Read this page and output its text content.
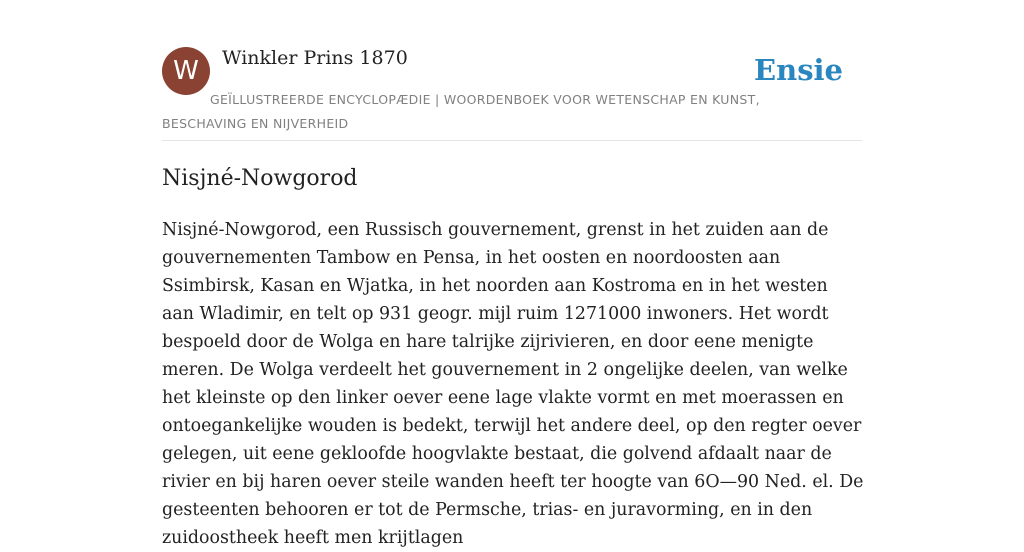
W	Winkler Prins 1870
GEÏLLUSTREERDE ENCYCLOPÆDIE | WOORDENBOEK VOOR WETENSCHAP EN KUNST, BESCHAVING EN NIJVERHEID
Ensie
Nisjné-Nowgorod

Nisjné-Nowgorod, een Russisch gouvernement, grenst in het zuiden aan de gouvernementen Tambow en Pensa, in het oosten en noordoosten aan Ssimbirsk, Kasan en Wjatka, in het noorden aan Kostroma en in het westen aan Wladimir, en telt op 931 geogr. mijl ruim 1271000 inwoners. Het wordt bespoeld door de Wolga en hare talrijke zijrivieren, en door eene menigte meren. De Wolga verdeelt het gouvernement in 2 ongelijke deelen, van welke het kleinste op den linker oever eene lage vlakte vormt en met moerassen en ontoegankelijke wouden is bedekt, terwijl het andere deel, op den regter oever gelegen, uit eene gekloofde hoogvlakte bestaat, die golvend afdaalt naar de rivier en bij haren oever steile wanden heeft ter hoogte van 6O—90 Ned. el. De gesteenten behooren er tot de Permsche, trias- en juravorming, en in den zuidoostheek heeft men krijtlagen
